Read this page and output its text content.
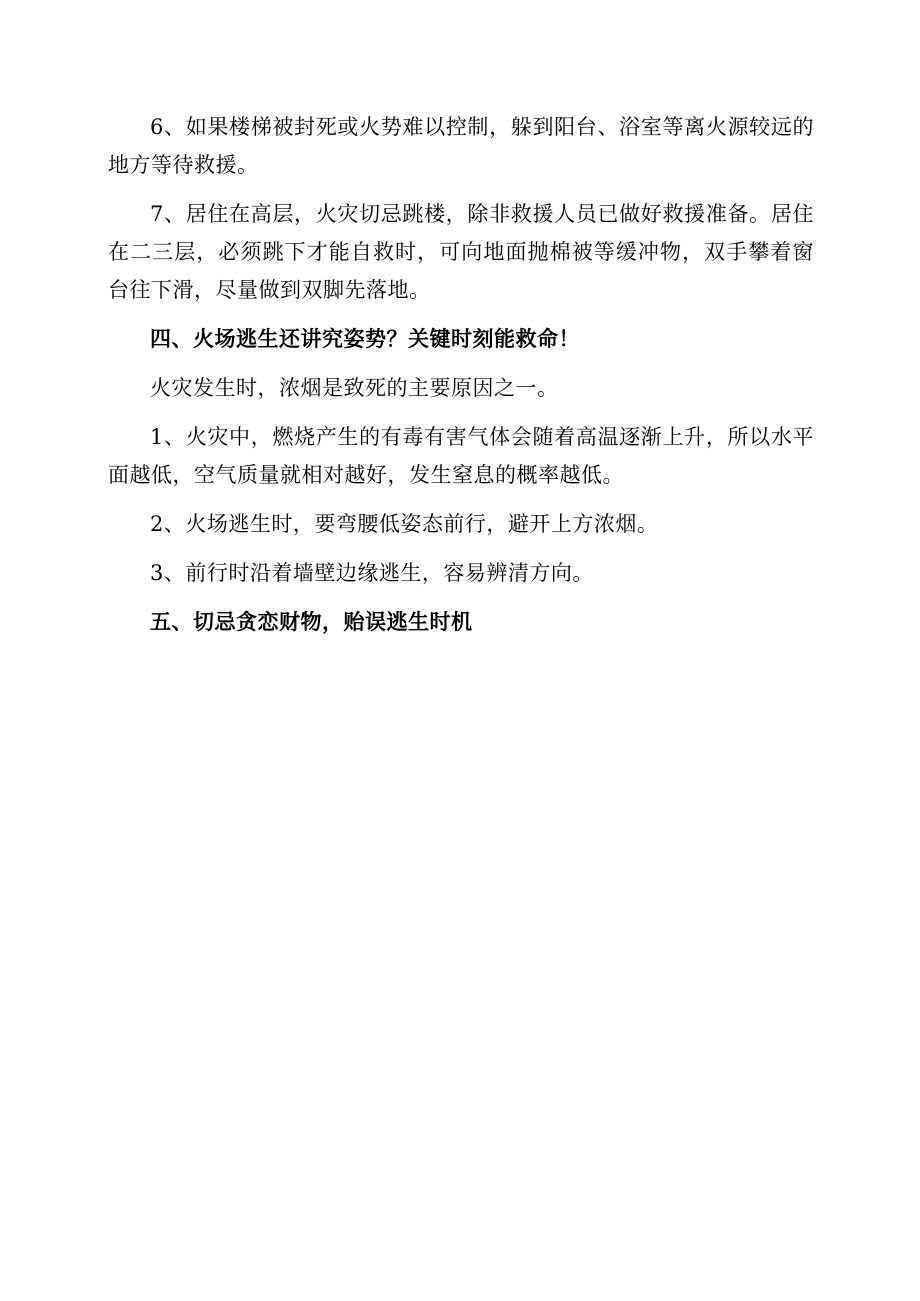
6、如果楼梯被封死或火势难以控制，躲到阳台、浴室等离火源较远的地方等待救援。

7、居住在高层，火灾切忌跳楼，除非救援人员已做好救援准备。居住在二三层，必须跳下才能自救时，可向地面抛棉被等缓冲物，双手攀着窗台往下滑，尽量做到双脚先落地。

四、火场逃生还讲究姿势？关键时刻能救命！

火灾发生时，浓烟是致死的主要原因之一。

1、火灾中，燃烧产生的有毒有害气体会随着高温逐渐上升，所以水平面越低，空气质量就相对越好，发生窒息的概率越低。

2、火场逃生时，要弯腰低姿态前行，避开上方浓烟。

3、前行时沿着墙壁边缘逃生，容易辨清方向。

五、切忌贪恋财物，贻误逃生时机
